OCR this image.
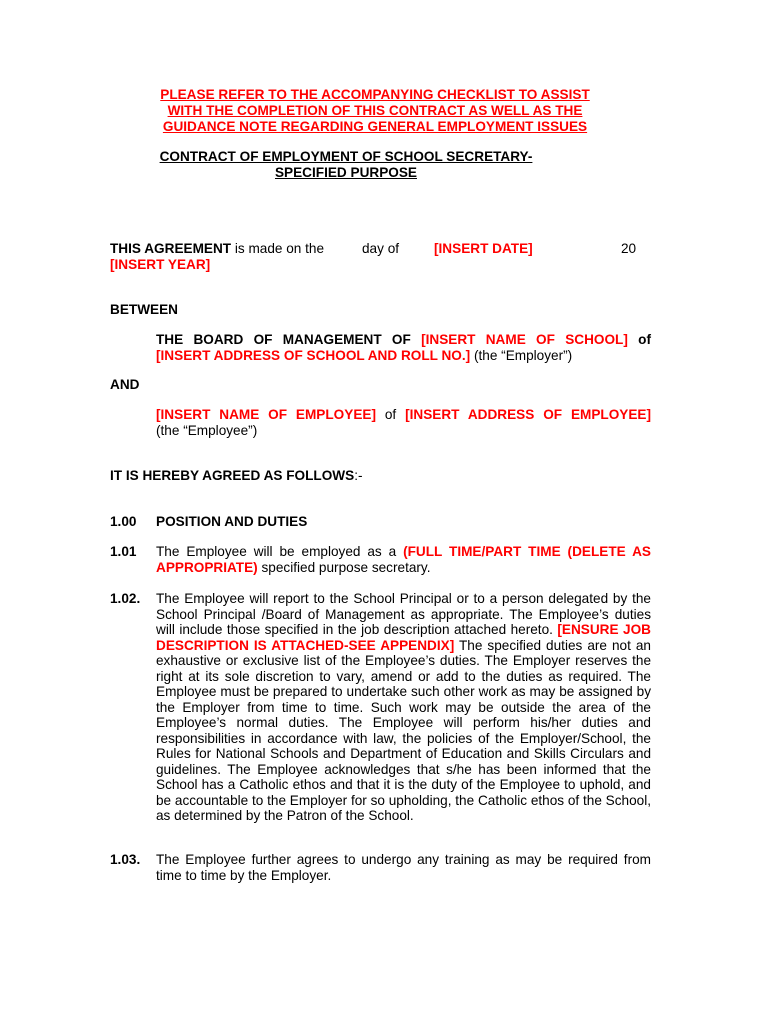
PLEASE REFER TO THE ACCOMPANYING CHECKLIST TO ASSIST
WITH THE COMPLETION OF THIS CONTRACT AS WELL AS THE
GUIDANCE NOTE REGARDING GENERAL EMPLOYMENT ISSUES
CONTRACT OF EMPLOYMENT OF SCHOOL SECRETARY-
SPECIFIED PURPOSE
THIS AGREEMENT is made on the	day of	[INSERT DATE]	20
[INSERT YEAR]
BETWEEN
THE BOARD OF MANAGEMENT OF [INSERT NAME OF SCHOOL] of
[INSERT ADDRESS OF SCHOOL AND ROLL NO.] (the “Employer”)
AND
[INSERT NAME OF EMPLOYEE] of [INSERT ADDRESS OF EMPLOYEE]
(the “Employee”)
IT IS HEREBY AGREED AS FOLLOWS:-
1.00 POSITION AND DUTIES
1.01 The Employee will be employed as a (FULL TIME/PART TIME (DELETE AS APPROPRIATE) specified purpose secretary.
1.02. The Employee will report to the School Principal or to a person delegated by the School Principal /Board of Management as appropriate. The Employee’s duties will include those specified in the job description attached hereto. [ENSURE JOB DESCRIPTION IS ATTACHED-SEE APPENDIX] The specified duties are not an exhaustive or exclusive list of the Employee’s duties. The Employer reserves the right at its sole discretion to vary, amend or add to the duties as required. The Employee must be prepared to undertake such other work as may be assigned by the Employer from time to time. Such work may be outside the area of the Employee’s normal duties. The Employee will perform his/her duties and responsibilities in accordance with law, the policies of the Employer/School, the Rules for National Schools and Department of Education and Skills Circulars and guidelines. The Employee acknowledges that s/he has been informed that the School has a Catholic ethos and that it is the duty of the Employee to uphold, and be accountable to the Employer for so upholding, the Catholic ethos of the School, as determined by the Patron of the School.
1.03. The Employee further agrees to undergo any training as may be required from time to time by the Employer.
